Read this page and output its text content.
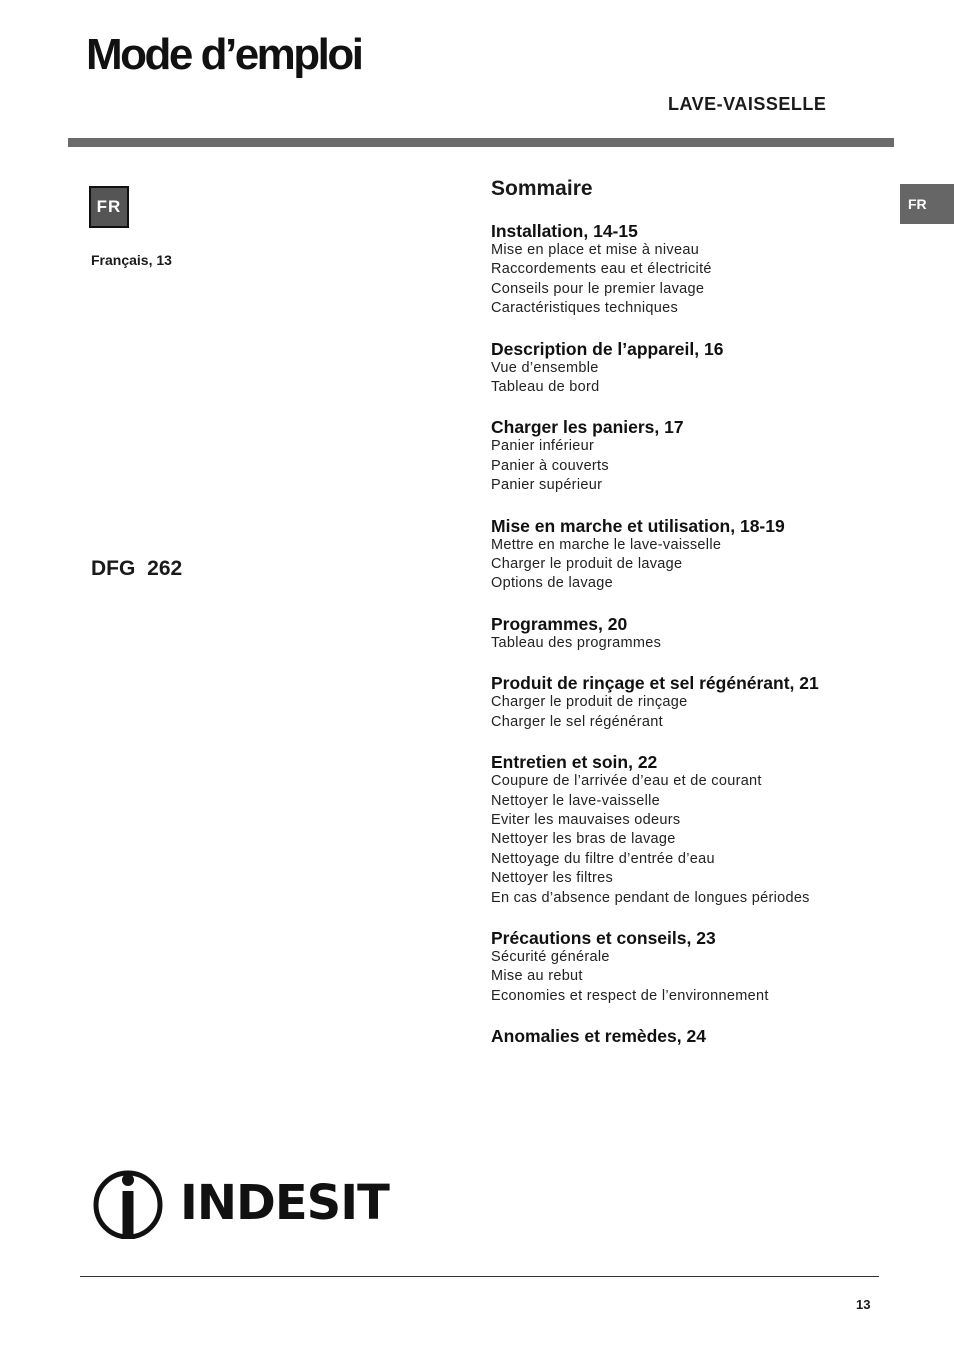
Mode d’emploi
LAVE-VAISSELLE
FR
Français, 13
DFG 262
FR
Sommaire
Installation, 14-15
Mise en place et mise à niveau
Raccordements eau et électricité
Conseils pour le premier lavage
Caractéristiques techniques
Description de l’appareil, 16
Vue d’ensemble
Tableau de bord
Charger les paniers, 17
Panier inférieur
Panier à couverts
Panier supérieur
Mise en marche et utilisation, 18-19
Mettre en marche le lave-vaisselle
Charger le produit de lavage
Options de lavage
Programmes, 20
Tableau des programmes
Produit de rinçage et sel régénérant, 21
Charger le produit de rinçage
Charger le sel régénérant
Entretien et soin, 22
Coupure de l’arrivée d’eau et de courant
Nettoyer le lave-vaisselle
Eviter les mauvaises odeurs
Nettoyer les bras de lavage
Nettoyage du filtre d’entrée d’eau
Nettoyer les filtres
En cas d’absence pendant de longues périodes
Précautions et conseils, 23
Sécurité générale
Mise au rebut
Economies et respect de l’environnement
Anomalies et remèdes, 24
INDESIT
13
